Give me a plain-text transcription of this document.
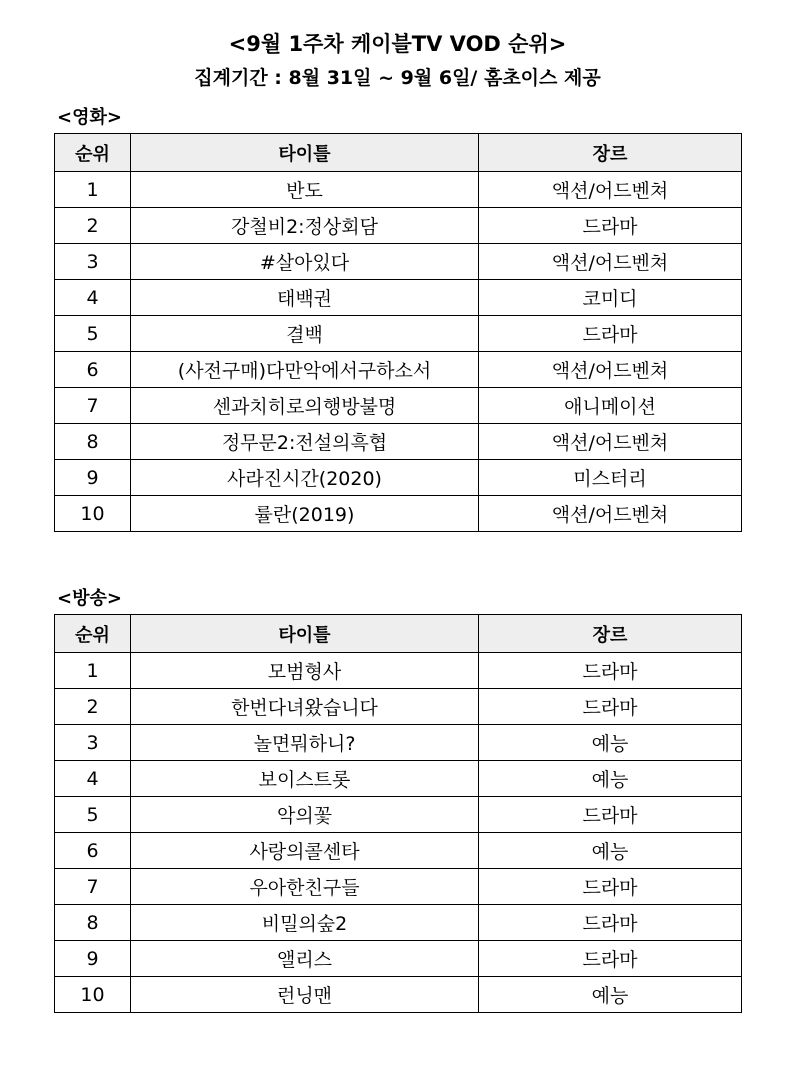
<9월 1주차 케이블TV VOD 순위>
집계기간 : 8월 31일 ~ 9월 6일/ 홈초이스 제공
<영화>
순위	타이틀	장르
1	반도	액션/어드벤쳐
2	강철비2:정상회담	드라마
3	#살아있다	액션/어드벤쳐
4	태백권	코미디
5	결백	드라마
6	(사전구매)다만악에서구하소서	액션/어드벤쳐
7	센과치히로의행방불명	애니메이션
8	정무문2:전설의흑협	액션/어드벤쳐
9	사라진시간(2020)	미스터리
10	률란(2019)	액션/어드벤쳐
<방송>
순위	타이틀	장르
1	모범형사	드라마
2	한번다녀왔습니다	드라마
3	놀면뭐하니?	예능
4	보이스트롯	예능
5	악의꽃	드라마
6	사랑의콜센타	예능
7	우아한친구들	드라마
8	비밀의숲2	드라마
9	앨리스	드라마
10	런닝맨	예능
